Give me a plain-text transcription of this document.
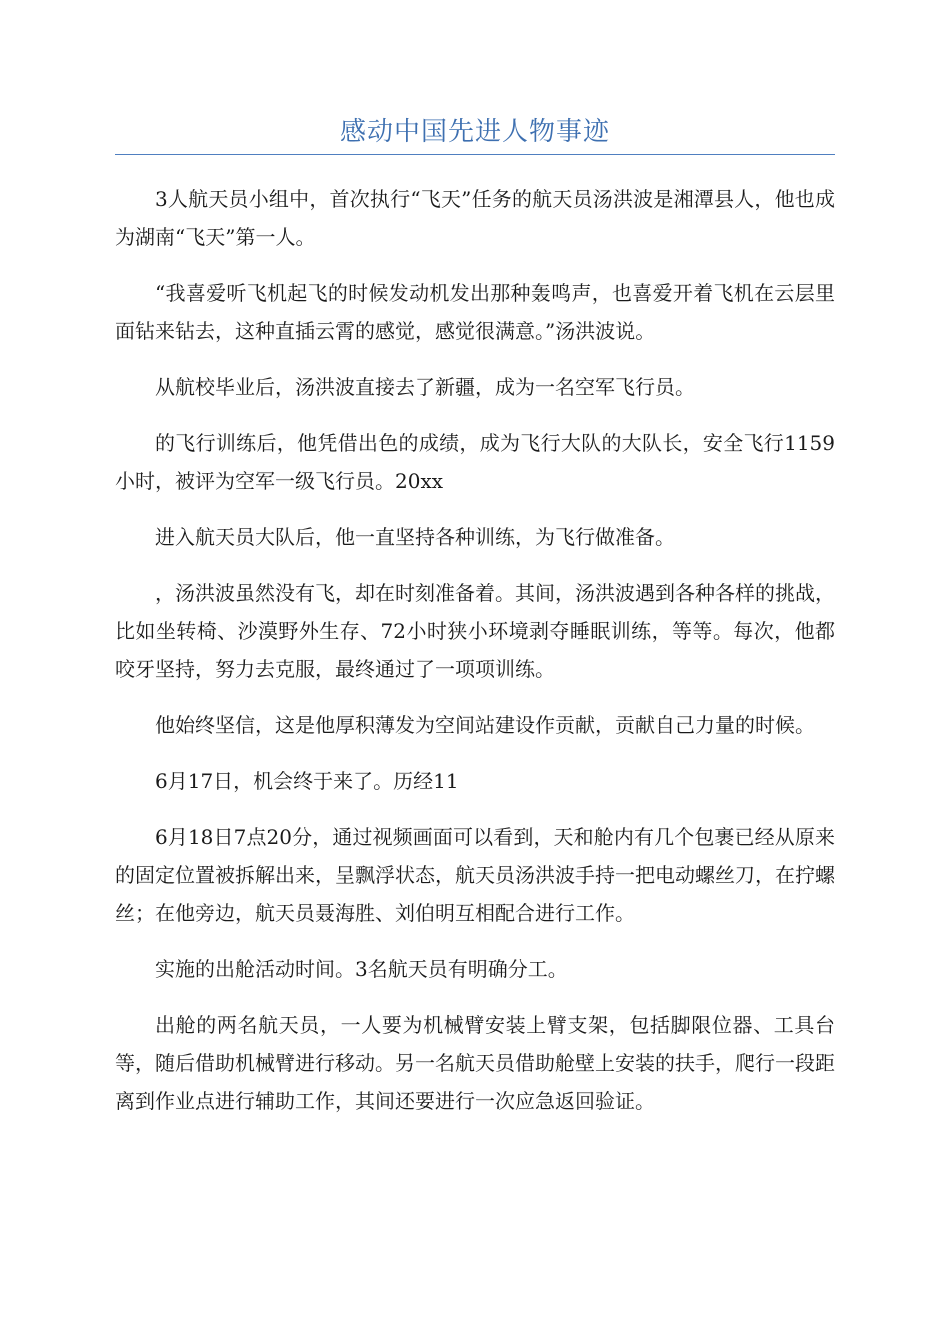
感动中国先进人物事迹

3人航天员小组中，首次执行“飞天”任务的航天员汤洪波是湘潭县人，他也成为湖南“飞天”第一人。

“我喜爱听飞机起飞的时候发动机发出那种轰鸣声，也喜爱开着飞机在云层里面钻来钻去，这种直插云霄的感觉，感觉很满意。”汤洪波说。

从航校毕业后，汤洪波直接去了新疆，成为一名空军飞行员。

的飞行训练后，他凭借出色的成绩，成为飞行大队的大队长，安全飞行1159小时，被评为空军一级飞行员。20xx

进入航天员大队后，他一直坚持各种训练，为飞行做准备。

，汤洪波虽然没有飞，却在时刻准备着。其间，汤洪波遇到各种各样的挑战，比如坐转椅、沙漠野外生存、72小时狭小环境剥夺睡眠训练，等等。每次，他都咬牙坚持，努力去克服，最终通过了一项项训练。

他始终坚信，这是他厚积薄发为空间站建设作贡献，贡献自己力量的时候。

6月17日，机会终于来了。历经11

6月18日7点20分，通过视频画面可以看到，天和舱内有几个包裹已经从原来的固定位置被拆解出来，呈飘浮状态，航天员汤洪波手持一把电动螺丝刀，在拧螺丝；在他旁边，航天员聂海胜、刘伯明互相配合进行工作。

实施的出舱活动时间。3名航天员有明确分工。

出舱的两名航天员，一人要为机械臂安装上臂支架，包括脚限位器、工具台等，随后借助机械臂进行移动。另一名航天员借助舱壁上安装的扶手，爬行一段距离到作业点进行辅助工作，其间还要进行一次应急返回验证。
